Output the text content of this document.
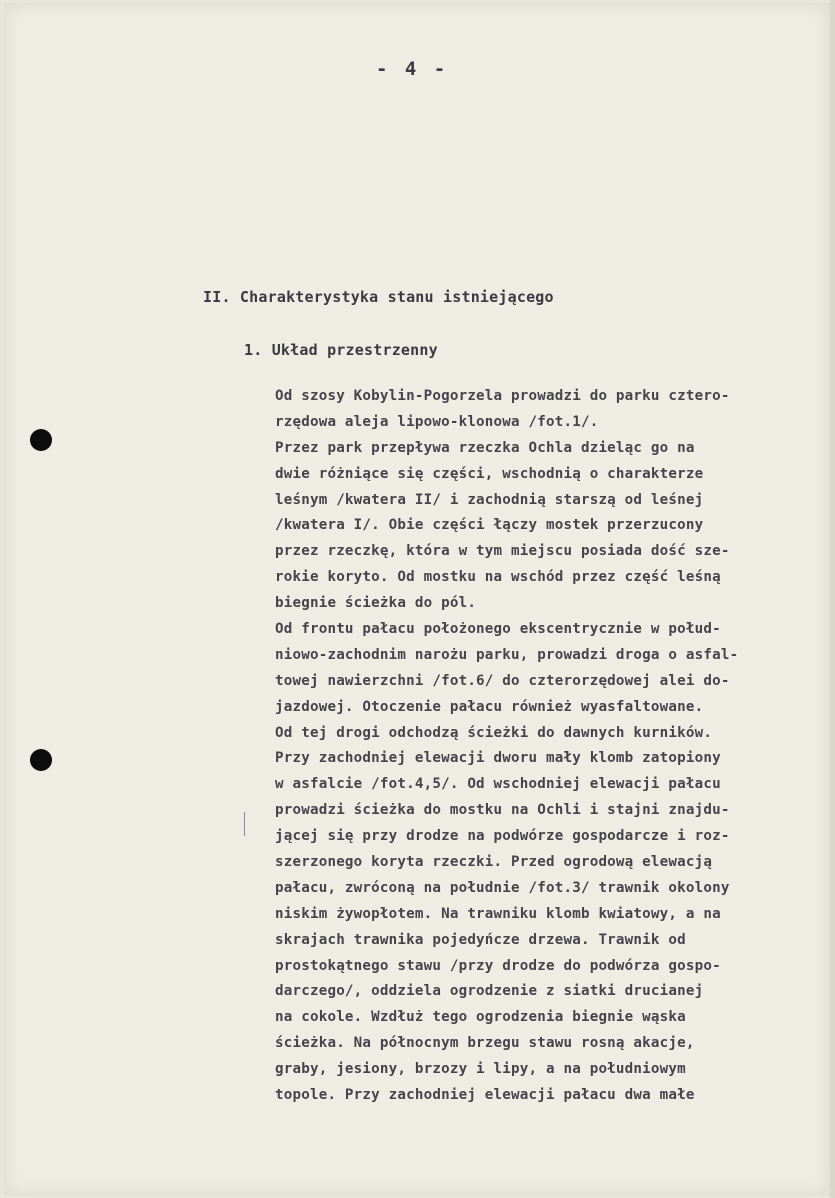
- 4 -
II. Charakterystyka stanu istniejącego
1. Układ przestrzenny
Od szosy Kobylin-Pogorzela prowadzi do parku cztero-
rzędowa aleja lipowo-klonowa /fot.1/.
Przez park przepływa rzeczka Ochla dzieląc go na
dwie różniące się części, wschodnią o charakterze
leśnym /kwatera II/ i zachodnią starszą od leśnej
/kwatera I/. Obie części łączy mostek przerzucony
przez rzeczkę, która w tym miejscu posiada dość sze-
rokie koryto. Od mostku na wschód przez część leśną
biegnie ścieżka do pól.
Od frontu pałacu położonego ekscentrycznie w połud-
niowo-zachodnim narożu parku, prowadzi droga o asfal-
towej nawierzchni /fot.6/ do czterorzędowej alei do-
jazdowej. Otoczenie pałacu również wyasfaltowane.
Od tej drogi odchodzą ścieżki do dawnych kurników.
Przy zachodniej elewacji dworu mały klomb zatopiony
w asfalcie /fot.4,5/. Od wschodniej elewacji pałacu
prowadzi ścieżka do mostku na Ochli i stajni znajdu-
jącej się przy drodze na podwórze gospodarcze i roz-
szerzonego koryta rzeczki. Przed ogrodową elewacją
pałacu, zwróconą na południe /fot.3/ trawnik okolony
niskim żywopłotem. Na trawniku klomb kwiatowy, a na
skrajach trawnika pojedyńcze drzewa. Trawnik od
prostokątnego stawu /przy drodze do podwórza gospo-
darczego/, oddziela ogrodzenie z siatki drucianej
na cokole. Wzdłuż tego ogrodzenia biegnie wąska
ścieżka. Na północnym brzegu stawu rosną akacje,
graby, jesiony, brzozy i lipy, a na południowym
topole. Przy zachodniej elewacji pałacu dwa małe
